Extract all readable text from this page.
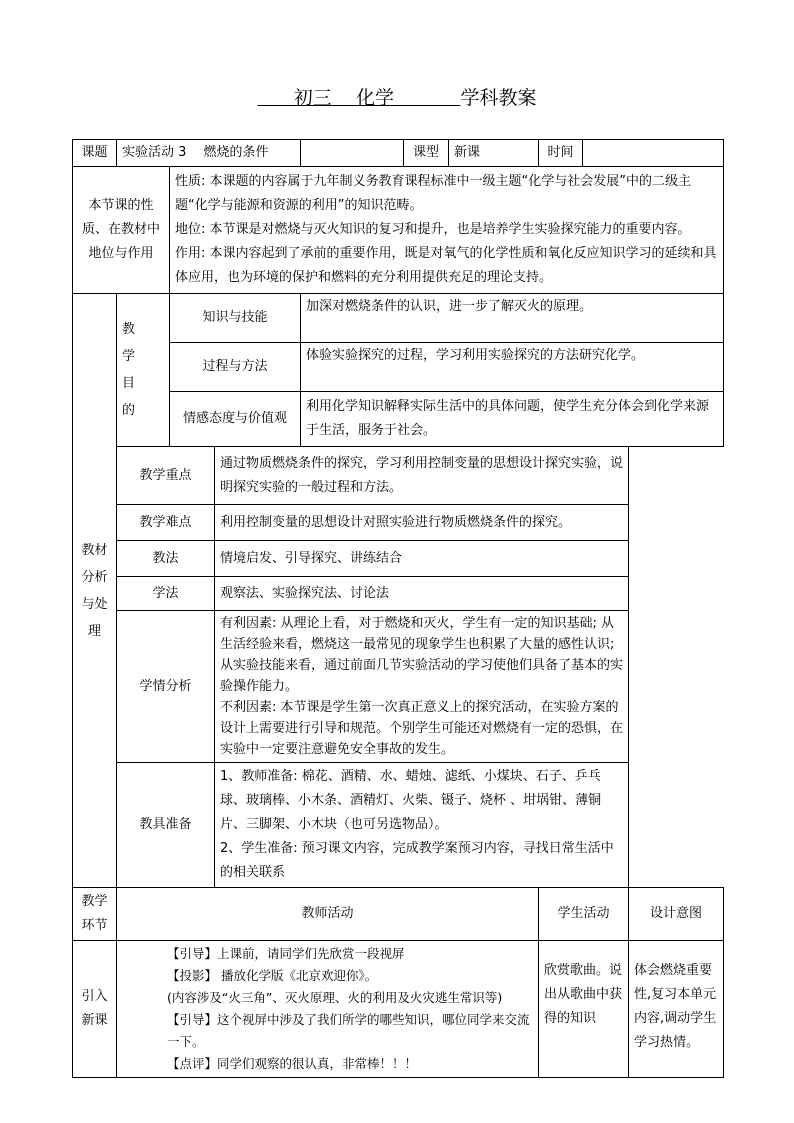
初三 化学	学科教案
课题	实验活动 3　 燃烧的条件					课型	新课	时间		
本节课的性质、在教材中地位与作用			性质: 本课题的内容属于九年制义务教育课程标准中一级主题“化学与社会发展”中的二级主题“化学与能源和资源的利用”的知识范畴。

地位: 本节课是对燃烧与灭火知识的复习和提升，也是培养学生实验探究能力的重要内容。

作用: 本课内容起到了承前的重要作用，既是对氧气的化学性质和氧化反应知识学习的延续和具体应用，也为环境的保护和燃料的充分利用提供充足的理论支持。							

教材分析与处理	教学目的		知识与技能		加深对燃烧条件的认识，进一步了解灭火的原理。					
			过程与方法		体验实验探究的过程，学习利用实验探究的方法研究化学。					
			情感态度与价值观		利用化学知识解释实际生活中的具体问题，使学生充分体会到化学来源于生活，服务于社会。					
	教学重点			通过物质燃烧条件的探究，学习利用控制变量的思想设计探究实验，说明探究实验的一般过程和方法。						
	教学难点			利用控制变量的思想设计对照实验进行物质燃烧条件的探究。						
	教法			情境启发、引导探究、讲练结合						
	学法			观察法、实验探究法、讨论法						
	学情分析			有利因素: 从理论上看，对于燃烧和灭火，学生有一定的知识基础; 从生活经验来看，燃烧这一最常见的现象学生也积累了大量的感性认识; 从实验技能来看，通过前面几节实验活动的学习使他们具备了基本的实验操作能力。

不利因素: 本节课是学生第一次真正意义上的探究活动，在实验方案的设计上需要进行引导和规范。个别学生可能还对燃烧有一定的恐惧，在实验中一定要注意避免安全事故的发生。						

	教具准备			1、教师准备: 棉花、酒精、水、蜡烛、滤纸、小煤块、石子、乒乓球、玻璃棒、小木条、酒精灯、火柴、镊子、烧杯 、坩埚钳、薄铜片、三脚架、小木块（也可另选物品）。

2、学生准备: 预习课文内容，完成教学案预习内容，寻找日常生活中的相关联系						

教学环节	教师活动							学生活动		设计意图
引入新课	【引导】上课前，请同学们先欣赏一段视屏

【投影】 播放化学版《北京欢迎你》。

(内容涉及“火三角”、灭火原理、火的利用及火灾逃生常识等)

【引导】这个视屏中涉及了我们所学的哪些知识，哪位同学来交流一下。

【点评】同学们观察的很认真，非常棒！！！							欣赏歌曲。说出从歌曲中获得的知识		体会燃烧重要性,复习本单元内容,调动学生学习热情。
